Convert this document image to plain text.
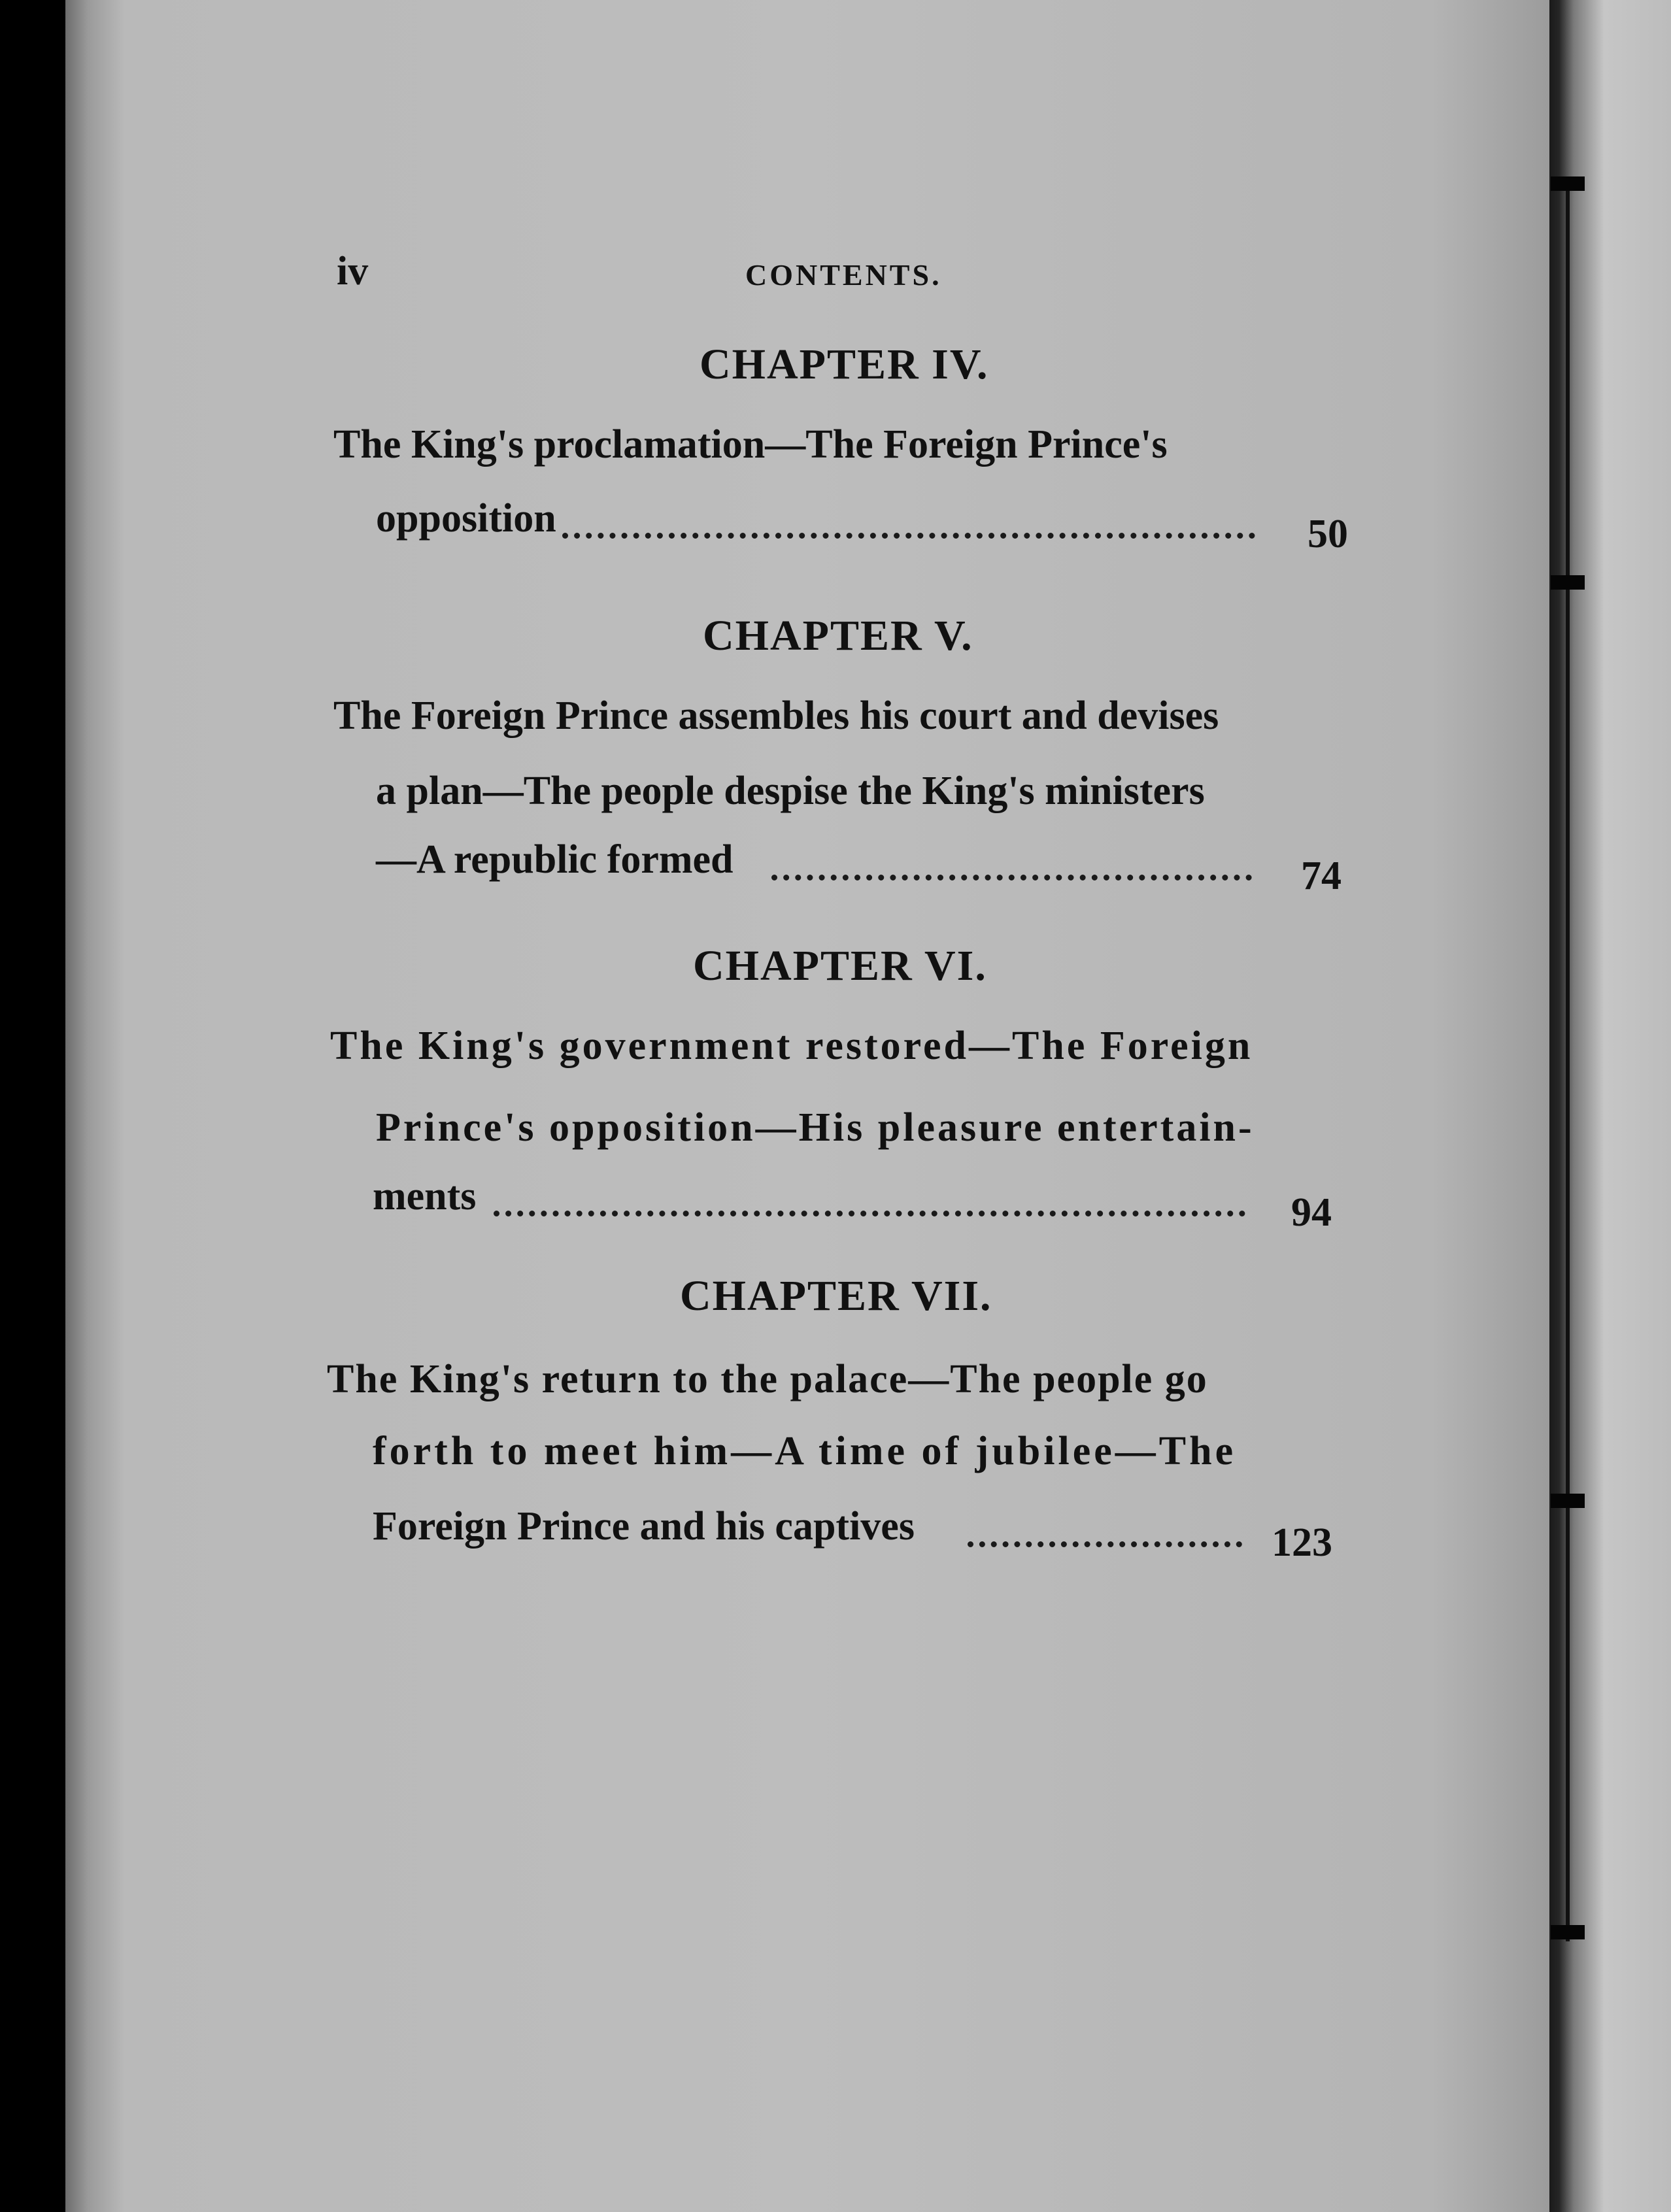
iv	CONTENTS.
CHAPTER IV.
The King's proclamation—The Foreign Prince's
opposition	50
CHAPTER V.
The Foreign Prince assembles his court and devises
a plan—The people despise the King's ministers
—A republic formed	74
CHAPTER VI.
The King's government restored—The Foreign
Prince's opposition—His pleasure entertain-
ments	94
CHAPTER VII.
The King's return to the palace—The people go
forth to meet him—A time of jubilee—The
Foreign Prince and his captives	123
